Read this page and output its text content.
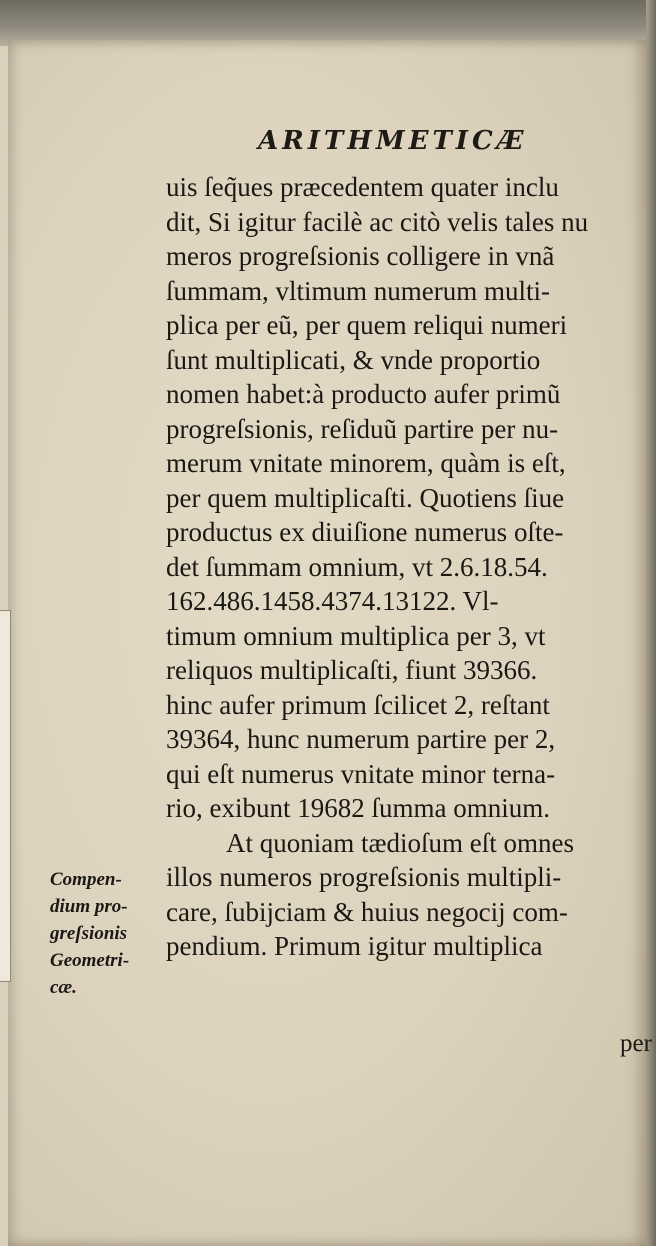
ARITHMETICÆ
uis ſeq̃ues præcedentem quater inclu
dit, Si igitur facilè ac citò velis tales nu
meros progreſsionis colligere in vnã
ſummam, vltimum numerum multi-
plica per eũ, per quem reliqui numeri
ſunt multiplicati, & vnde proportio
nomen habet:à producto aufer primũ
progreſsionis, reſiduũ partire per nu-
merum vnitate minorem, quàm is eſt,
per quem multiplicaſti. Quotiens ſiue
productus ex diuiſione numerus oſte-
det ſummam omnium, vt 2.6.18.54.
162.486.1458.4374.13122. Vl-
timum omnium multiplica per 3, vt
reliquos multiplicaſti, fiunt 39366.
hinc aufer primum ſcilicet 2, reſtant
39364, hunc numerum partire per 2,
qui eſt numerus vnitate minor terna-
rio, exibunt 19682 ſumma omnium.
At quoniam tædioſum eſt omnes
illos numeros progreſsionis multipli-
care, ſubijciam & huius negocij com-
pendium. Primum igitur multiplica
per
Compen-
dium pro-
greſsionis
Geometri-
cæ.
